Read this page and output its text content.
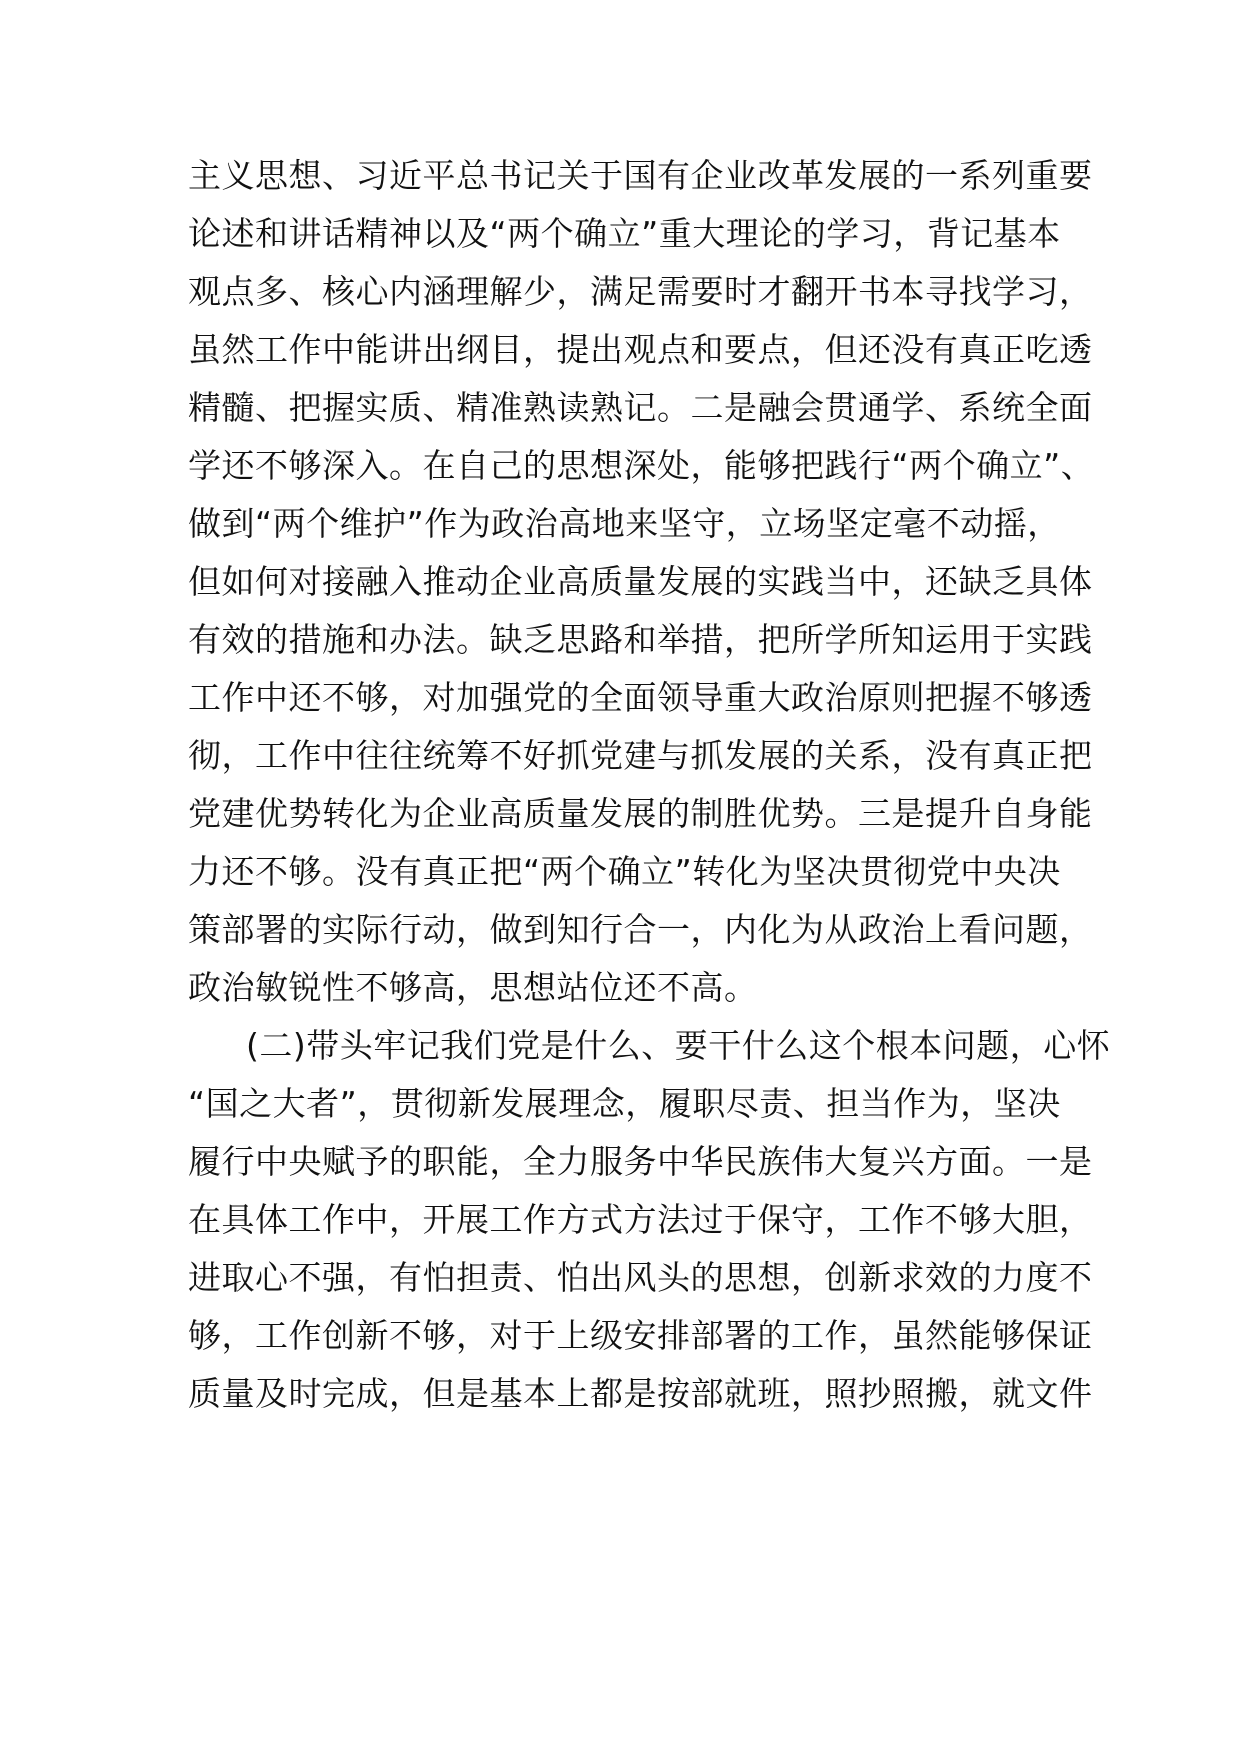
主义思想、习近平总书记关于国有企业改革发展的一系列重要
论述和讲话精神以及“两个确立”重大理论的学习，背记基本
观点多、核心内涵理解少，满足需要时才翻开书本寻找学习，
虽然工作中能讲出纲目，提出观点和要点，但还没有真正吃透
精髓、把握实质、精准熟读熟记。二是融会贯通学、系统全面
学还不够深入。在自己的思想深处，能够把践行“两个确立”、
做到“两个维护”作为政治高地来坚守，立场坚定毫不动摇，
但如何对接融入推动企业高质量发展的实践当中，还缺乏具体
有效的措施和办法。缺乏思路和举措，把所学所知运用于实践
工作中还不够，对加强党的全面领导重大政治原则把握不够透
彻，工作中往往统筹不好抓党建与抓发展的关系，没有真正把
党建优势转化为企业高质量发展的制胜优势。三是提升自身能
力还不够。没有真正把“两个确立”转化为坚决贯彻党中央决
策部署的实际行动，做到知行合一，内化为从政治上看问题，
政治敏锐性不够高，思想站位还不高。
(二)带头牢记我们党是什么、要干什么这个根本问题，心怀
“国之大者”，贯彻新发展理念，履职尽责、担当作为，坚决
履行中央赋予的职能，全力服务中华民族伟大复兴方面。一是
在具体工作中，开展工作方式方法过于保守，工作不够大胆，
进取心不强，有怕担责、怕出风头的思想，创新求效的力度不
够，工作创新不够，对于上级安排部署的工作，虽然能够保证
质量及时完成，但是基本上都是按部就班，照抄照搬，就文件
